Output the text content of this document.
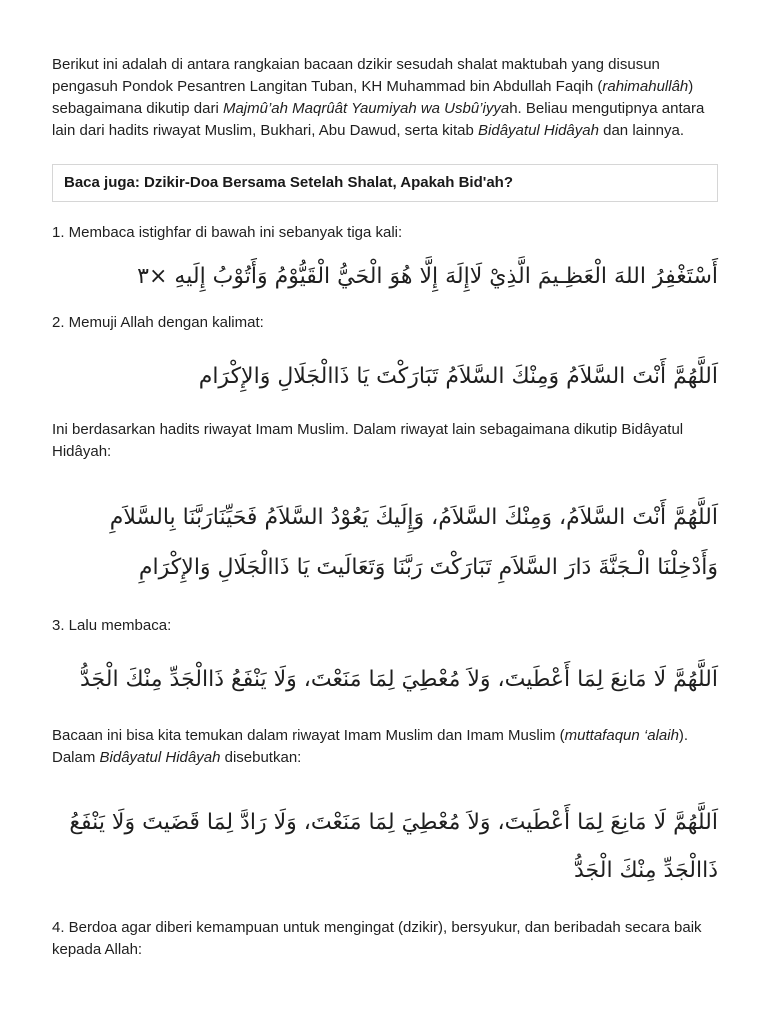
Berikut ini adalah di antara rangkaian bacaan dzikir sesudah shalat maktubah yang disusun pengasuh Pondok Pesantren Langitan Tuban, KH Muhammad bin Abdullah Faqih (rahimahullâh) sebagaimana dikutip dari Majmû’ah Maqrûât Yaumiyah wa Usbû’iyyah. Beliau mengutipnya antara lain dari hadits riwayat Muslim, Bukhari, Abu Dawud, serta kitab Bidâyatul Hidâyah dan lainnya.

Baca juga: Dzikir-Doa Bersama Setelah Shalat, Apakah Bid'ah?

1. Membaca istighfar di bawah ini sebanyak tiga kali:

أَسْتَغْفِرُ اللهَ الْعَظِـيمَ الَّذِيْ لَاإِلَهَ إِلَّا هُوَ الْحَيُّ الْقَيُّوْمُ وَأَتُوْبُ إِلَيهِ ×٣

2. Memuji Allah dengan kalimat:

اَللَّهُمَّ أَنْتَ السَّلاَمُ وَمِنْكَ السَّلاَمُ تَبَارَكْتَ يَا ذَاالْجَلَالِ وَالإِكْرَام

Ini berdasarkan hadits riwayat Imam Muslim. Dalam riwayat lain sebagaimana dikutip Bidâyatul Hidâyah:

اَللَّهُمَّ أَنْتَ السَّلاَمُ، وَمِنْكَ السَّلاَمُ، وَإِلَيكَ يَعُوْدُ السَّلاَمُ فَحَيِّنَارَبَّنَا بِالسَّلاَمِ وَأَدْخِلْنَا الْـجَنَّةَ دَارَ السَّلاَمِ تَبَارَكْتَ رَبَّنَا وَتَعَالَيتَ يَا ذَاالْجَلَالِ وَالإِكْرَامِ

3. Lalu membaca:

اَللَّهُمَّ لَا مَانِعَ لِمَا أَعْطَيتَ، وَلاَ مُعْطِيَ لِمَا مَنَعْتَ، وَلَا يَنْفَعُ ذَاالْجَدِّ مِنْكَ الْجَدُّ

Bacaan ini bisa kita temukan dalam riwayat Imam Muslim dan Imam Muslim (muttafaqun ‘alaih). Dalam Bidâyatul Hidâyah disebutkan:

اَللَّهُمَّ لَا مَانِعَ لِمَا أَعْطَيتَ، وَلاَ مُعْطِيَ لِمَا مَنَعْتَ، وَلَا رَادَّ لِمَا قَضَيتَ وَلَا يَنْفَعُ ذَاالْجَدِّ مِنْكَ الْجَدُّ

4. Berdoa agar diberi kemampuan untuk mengingat (dzikir), bersyukur, dan beribadah secara baik kepada Allah:
